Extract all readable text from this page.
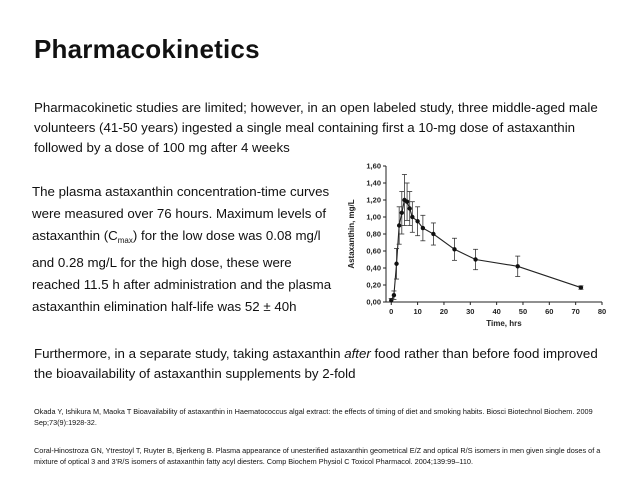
Pharmacokinetics
Pharmacokinetic studies are limited; however, in an open labeled study, three middle-aged male volunteers (41-50 years) ingested a single meal containing first a 10-mg dose of astaxanthin followed by a dose of 100 mg after 4 weeks
The plasma astaxanthin concentration-time curves were measured over 76 hours. Maximum levels of astaxanthin $(C_{max})$ for the low dose was 0.08 mg/l and 0.28 mg/L for the high dose, these were reached 11.5 h after administration and the plasma astaxanthin elimination half-life was 52 ± 40h	0,00
0,20
0,40
0,60
0,80
1,00
1,20
1,40
1,60
0	10 20 30 40 50 60 70 80
Time, hrs
Astaxanthin, mg/L
Furthermore, in a separate study, taking astaxanthin after food rather than before food improved the bioavailability of astaxanthin supplements by 2-fold
Okada Y, Ishikura M, Maoka T Bioavailability of astaxanthin in Haematococcus algal extract: the effects of timing of diet and smoking habits. Biosci Biotechnol Biochem. 2009 Sep;73(9):1928-32.
Coral-Hinostroza GN, Ytrestoyl T, Ruyter B, Bjerkeng B. Plasma appearance of unesterified astaxanthin geometrical E/Z and optical R/S isomers in men given single doses of a mixture of optical 3 and 3’R/S isomers of astaxanthin fatty acyl diesters. Comp Biochem Physiol C Toxicol Pharmacol. 2004;139:99–110.
